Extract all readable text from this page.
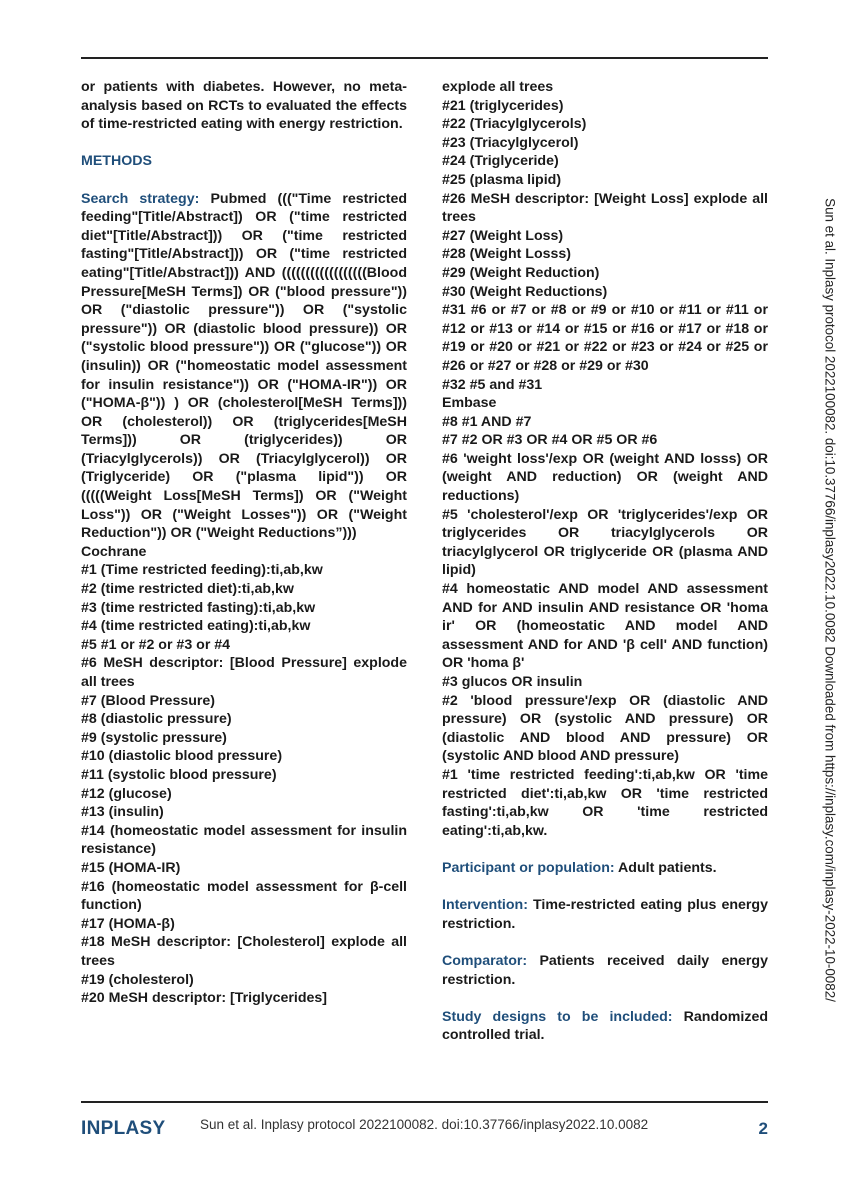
or patients with diabetes. However, no meta-analysis based on RCTs to evaluated the effects of time-restricted eating with energy restriction.

METHODS

Search strategy: Pubmed ((("Time restricted feeding"[Title/Abstract]) OR ("time restricted diet"[Title/Abstract])) OR ("time restricted fasting"[Title/Abstract])) OR ("time restricted eating"[Title/Abstract])) AND ((((((((((((((((((Blood Pressure[MeSH Terms]) OR ("blood pressure")) OR ("diastolic pressure")) OR ("systolic pressure")) OR (diastolic blood pressure)) OR ("systolic blood pressure")) OR ("glucose")) OR (insulin)) OR ("homeostatic model assessment for insulin resistance")) OR ("HOMA-IR")) OR ("HOMA-β")) ) OR (cholesterol[MeSH Terms])) OR (cholesterol)) OR (triglycerides[MeSH Terms])) OR (triglycerides)) OR (Triacylglycerols)) OR (Triacylglycerol)) OR (Triglyceride) OR ("plasma lipid")) OR (((((Weight Loss[MeSH Terms]) OR ("Weight Loss")) OR ("Weight Losses")) OR ("Weight Reduction")) OR ("Weight Reductions”)))

Cochrane

#1 (Time restricted feeding):ti,ab,kw

#2 (time restricted diet):ti,ab,kw

#3 (time restricted fasting):ti,ab,kw

#4 (time restricted eating):ti,ab,kw

#5 #1 or #2 or #3 or #4

#6 MeSH descriptor: [Blood Pressure] explode all trees

#7 (Blood Pressure)

#8 (diastolic pressure)

#9 (systolic pressure)

#10 (diastolic blood pressure)

#11 (systolic blood pressure)

#12 (glucose)

#13 (insulin)

#14 (homeostatic model assessment for insulin resistance)

#15 (HOMA-IR)

#16 (homeostatic model assessment for β-cell function)

#17 (HOMA-β)

#18 MeSH descriptor: [Cholesterol] explode all trees

#19 (cholesterol)

#20 MeSH descriptor: [Triglycerides]

explode all trees

#21 (triglycerides)

#22 (Triacylglycerols)

#23 (Triacylglycerol)

#24 (Triglyceride)

#25 (plasma lipid)

#26 MeSH descriptor: [Weight Loss] explode all trees

#27 (Weight Loss)

#28 (Weight Losss)

#29 (Weight Reduction)

#30 (Weight Reductions)

#31 #6 or #7 or #8 or #9 or #10 or #11 or #11 or #12 or #13 or #14 or #15 or #16 or #17 or #18 or #19 or #20 or #21 or #22 or #23 or #24 or #25 or #26 or #27 or #28 or #29 or #30

#32 #5 and #31

Embase

#8 #1 AND #7

#7 #2 OR #3 OR #4 OR #5 OR #6

#6 'weight loss'/exp OR (weight AND losss) OR (weight AND reduction) OR (weight AND reductions)

#5 'cholesterol'/exp OR 'triglycerides'/exp OR triglycerides OR triacylglycerols OR triacylglycerol OR triglyceride OR (plasma AND lipid)

#4 homeostatic AND model AND assessment AND for AND insulin AND resistance OR 'homa ir' OR (homeostatic AND model AND assessment AND for AND 'β cell' AND function) OR 'homa β'

#3 glucos OR insulin

#2 'blood pressure'/exp OR (diastolic AND pressure) OR (systolic AND pressure) OR (diastolic AND blood AND pressure) OR (systolic AND blood AND pressure)

#1 'time restricted feeding':ti,ab,kw OR 'time restricted diet':ti,ab,kw OR 'time restricted fasting':ti,ab,kw OR 'time restricted eating':ti,ab,kw.

Participant or population: Adult patients.

Intervention: Time-restricted eating plus energy restriction.

Comparator: Patients received daily energy restriction.

Study designs to be included: Randomized controlled trial.

Sun et al. Inplasy protocol 2022100082. doi:10.37766/inplasy2022.10.0082 Downloaded from https://inplasy.com/inplasy-2022-10-0082/
INPLASY	Sun et al. Inplasy protocol 2022100082. doi:10.37766/inplasy2022.10.0082	2
